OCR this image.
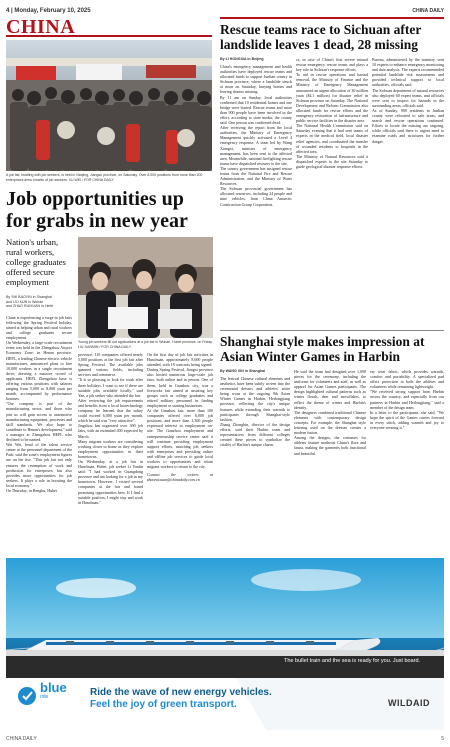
4 | Monday, February 10, 2025	CHINA DAILY
CHINA
A job fair, bustling with job seekers, is held in Nanjing, Jiangsu province, on Saturday. Over 8,000 positions from more than 200 enterprises drew crowds of job seekers. XU WEI / FOR CHINA DAILY
Job opportunities up for grabs in new year
Nation's urban, rural workers, college graduates offered secure employment
By SHI BAOYIN in Shanghai
and LIU KUN in Wuhan
and ZHAO RUIXUAN in Hefei
China is experiencing a surge in job fairs following the Spring Festival holiday, aimed at helping urban and rural workers and college graduates secure employment.
On Wednesday, a large-scale recruitment event was held in the Zhengzhou Airport Economy Zone, in Henan province. HEPL, a leading Chinese electric vehicle manufacturer, announced plans to hire 10,000 workers in a single recruitment drive, drawing a massive crowd of applicants. HEPL Zhengzhou base is offering various positions with salaries ranging from 5,000 to 8,000 yuan per month, accompanied by performance bonuses.
"Our company is part of the manufacturing sector, and those who join us will gain access to automotive manufacturing equipment, processes and skill standards. We also hope to contribute to Henan's development," said a manager at Zhengzhou HEPL who declined to be named.
Wei Wei, head of the talent service center at the personnel department of the Park, said the zone's employment figures are on the rise. "This job fair not only ensures the resumption of work and production for enterprises, but also provides more opportunities for job seekers. It plays a role in boosting the local economy."
On Thursday, in Bengbu, Hubei
Young job seekers fill out applications at a job fair in Wuhan, Hubei province, on Friday. LIU JIANMIN / FOR CHINA DAILY
province, 110 companies offered nearly 5,000 positions at the first job fair after Spring Festival. The available jobs spanned various fields, including services and commerce.
"It is so pleasing to look for work after three holidays. I want to see if there are suitable jobs available locally," said Yan, a job seeker who attended the fair.
After reviewing the job requirements and benefits from a local biotechnology company, he learned that the salary could exceed 6,000 yuan per month, which he said was "very attractive".
Jingzhou has organized over 300 job fairs, with an estimated 400 expected by March.
Many migrant workers are considering working closer to home as they explore employment opportunities in their hometowns.
On Wednesday, at a job fair in Hanchuan, Hubei, job seeker Li Yanlin said: "I had worked in Guangdong province and am looking for a job in my hometown. However, I visited several companies at the fair and found promising opportunities here. If I find a suitable position, I might stay and work in Hanchuan."
On the first day of job fair activities in Hanchuan, approximately 8,600 people attended, with 18 contracts being signed.
During Spring Festival, Jiangxi province also hosted numerous large-scale job fairs, both online and in person. One of them, held in Ganzhou city, was a fireworks fair aimed at assisting key groups such as college graduates and retired military personnel in finding employment or starting businesses.
At the Ganzhou fair, more than 100 companies offered over 6,000 job positions, and more than 1,300 people expressed interest in employment on-site. The Ganzhou employment and entrepreneurship service center said it will continue providing employment support efforts, matching job seekers with enterprises and providing online and offline job services to guide local workers to opportunities and retain migrant workers to return to the city.
Contact the writers at zhaoruixuan@chinadaily.com.cn
Rescue teams race to Sichuan after landslide leaves 1 dead, 28 missing
By LI HONGXIA in Beijing
China's emergency management and health authorities have deployed rescue teams and allocated funds to support Junlian county in Sichuan province, where a landslide struck at noon on Saturday, burying homes and leaving dozens missing.
By 11 am on Sunday, local authorities confirmed that 10 residential homes and one bridge were buried. Rescue teams and more than 900 people have been involved in the effort, according to state media, the county said. One person was confirmed dead.
After receiving the report from the local authorities, the Ministry of Emergency Management quickly activated a Level 4 emergency response. A team led by Wang Xiangxi, minister of emergency management, has been sent to the affected area. Meanwhile, national firefighting rescue teams have dispatched rescuers to the site.
The county government has assigned rescue teams from the National Fire and Rescue Administration, and the Ministry of Water Resources.
The Sichuan provincial government has allocated resources, including 24 people and nine vehicles, from China Antarctic Construction Group Corporation.
cs, in case of China's first severe natural rescue emergency rescue teams and plays a key role in Sichuan's response efforts.
To aid in rescue operations and hazard removal, the Ministry of Finance and the Ministry of Emergency Management announced an urgent allocation of 30 million yuan ($4.1 million) for disaster relief in Sichuan province on Saturday. The National Development and Reform Commission also allocated funds for rescue efforts and the emergency restoration of infrastructure and public service facilities in the disaster area.
The National Health Commission said on Saturday evening that it had sent teams of experts in the medical field, local disaster relief agencies, and coordinated the transfer of wounded residents to hospitals in the affected area.
The Ministry of Natural Resources said it dispatched experts to the site Saturday to guide geological disaster response efforts.
Bureau, administered by the ministry, sent 10 experts to enhance emergency monitoring and data analysis. The experts recommended potential landslide risk assessments and provided technical support to local authorities, officials said.
The Sichuan department of natural resources also deployed 60 expert teams, and officials were sent to inspect for hazards in the surrounding areas, officials said.
As of Sunday, 900 residents in Junlian county were relocated to safe areas, and search and rescue operations continued. Efforts to locate the missing are ongoing, while officials said there is urgent need to examine roads and structures for further danger.
Shanghai style makes impression at Asian Winter Games in Harbin
By WANG XIN in Shanghai
The festival Chinese cultural elements and aesthetics have been subtly woven into the ceremonial dresses and athletes' attire being worn at the ongoing 9th Asian Winter Games in Harbin, Heilongjiang province, reflecting the city's unique features while extending their warmth to participants through Shanghai-style fashion.
Zhang Zhongbin, director of the design efforts, said their Harbin team and representatives from different colleges created these pieces to symbolize the vitality of Harbin's unique charm.
He said the team had designed over 1,000 pieces for the ceremony, including the uniforms for volunteers and staff, as well as apparel for Asian Games participants. The design highlighted cultural patterns such as winter florals, deer and snowflakes, to reflect the theme of winter and Harbin's identity.
The designers combined traditional Chinese elements with contemporary design concepts. For example, the Shanghai style lettering used on the dresses creates a modern fusion.
Among the designs, the costumes for athletes feature northeast China's flora and fauna, making the garments both functional and beautiful.
ety wear fabric, which provides warmth, comfort and portability. A specialized pad offers protection to both the athletes and volunteers while remaining lightweight.
"We received strong support from Harbin across the country, and especially from our partners in Harbin and Heilongjiang," said a member of the design team.
In a letter to the participants, she said, "We hope the spirit of the Games carries forward in every stitch, adding warmth and joy to everyone wearing it."
The bullet train and the sea is ready for you. Just board.
blue
ride	Ride the wave of new energy vehicles.
Feel the joy of green transport.	WILDAID
CHINA DAILY	5
